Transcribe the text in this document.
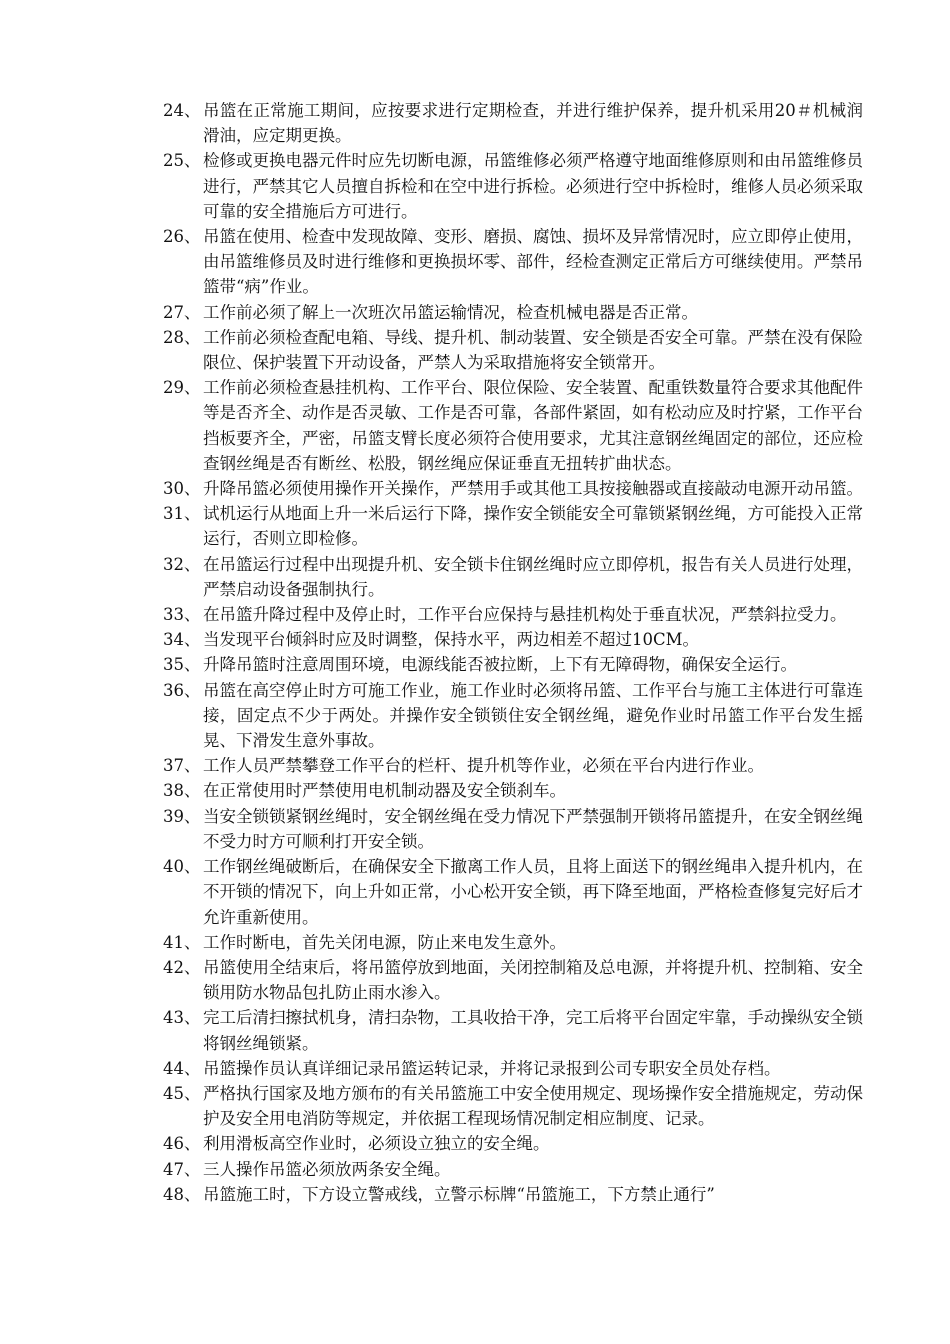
24、 吊篮在正常施工期间，应按要求进行定期检查，并进行维护保养，提升机采用20＃机械润滑油，应定期更换。
25、 检修或更换电器元件时应先切断电源，吊篮维修必须严格遵守地面维修原则和由吊篮维修员进行，严禁其它人员擅自拆检和在空中进行拆检。必须进行空中拆检时，维修人员必须采取可靠的安全措施后方可进行。
26、 吊篮在使用、检查中发现故障、变形、磨损、腐蚀、损坏及异常情况时，应立即停止使用，由吊篮维修员及时进行维修和更换损坏零、部件，经检查测定正常后方可继续使用。严禁吊篮带“病”作业。
27、 工作前必须了解上一次班次吊篮运输情况，检查机械电器是否正常。
28、 工作前必须检查配电箱、导线、提升机、制动装置、安全锁是否安全可靠。严禁在没有保险限位、保护装置下开动设备，严禁人为采取措施将安全锁常开。
29、 工作前必须检查悬挂机构、工作平台、限位保险、安全装置、配重铁数量符合要求其他配件等是否齐全、动作是否灵敏、工作是否可靠，各部件紧固，如有松动应及时拧紧，工作平台挡板要齐全，严密，吊篮支臂长度必须符合使用要求，尤其注意钢丝绳固定的部位，还应检查钢丝绳是否有断丝、松股，钢丝绳应保证垂直无扭转扩曲状态。
30、 升降吊篮必须使用操作开关操作，严禁用手或其他工具按接触器或直接敲动电源开动吊篮。
31、 试机运行从地面上升一米后运行下降，操作安全锁能安全可靠锁紧钢丝绳，方可能投入正常运行，否则立即检修。
32、 在吊篮运行过程中出现提升机、安全锁卡住钢丝绳时应立即停机，报告有关人员进行处理，严禁启动设备强制执行。
33、 在吊篮升降过程中及停止时，工作平台应保持与悬挂机构处于垂直状况，严禁斜拉受力。
34、 当发现平台倾斜时应及时调整，保持水平，两边相差不超过10CM。
35、 升降吊篮时注意周围环境，电源线能否被拉断，上下有无障碍物，确保安全运行。
36、 吊篮在高空停止时方可施工作业，施工作业时必须将吊篮、工作平台与施工主体进行可靠连接，固定点不少于两处。并操作安全锁锁住安全钢丝绳，避免作业时吊篮工作平台发生摇晃、下滑发生意外事故。
37、 工作人员严禁攀登工作平台的栏杆、提升机等作业，必须在平台内进行作业。
38、 在正常使用时严禁使用电机制动器及安全锁刹车。
39、 当安全锁锁紧钢丝绳时，安全钢丝绳在受力情况下严禁强制开锁将吊篮提升，在安全钢丝绳不受力时方可顺利打开安全锁。
40、 工作钢丝绳破断后，在确保安全下撤离工作人员，且将上面送下的钢丝绳串入提升机内，在不开锁的情况下，向上升如正常，小心松开安全锁，再下降至地面，严格检查修复完好后才允许重新使用。
41、 工作时断电，首先关闭电源，防止来电发生意外。
42、 吊篮使用全结束后，将吊篮停放到地面，关闭控制箱及总电源，并将提升机、控制箱、安全锁用防水物品包扎防止雨水渗入。
43、 完工后清扫擦拭机身，清扫杂物，工具收拾干净，完工后将平台固定牢靠，手动操纵安全锁将钢丝绳锁紧。
44、 吊篮操作员认真详细记录吊篮运转记录，并将记录报到公司专职安全员处存档。
45、 严格执行国家及地方颁布的有关吊篮施工中安全使用规定、现场操作安全措施规定，劳动保护及安全用电消防等规定，并依据工程现场情况制定相应制度、记录。
46、 利用滑板高空作业时，必须设立独立的安全绳。
47、 三人操作吊篮必须放两条安全绳。
48、 吊篮施工时，下方设立警戒线，立警示标牌“吊篮施工，下方禁止通行”
